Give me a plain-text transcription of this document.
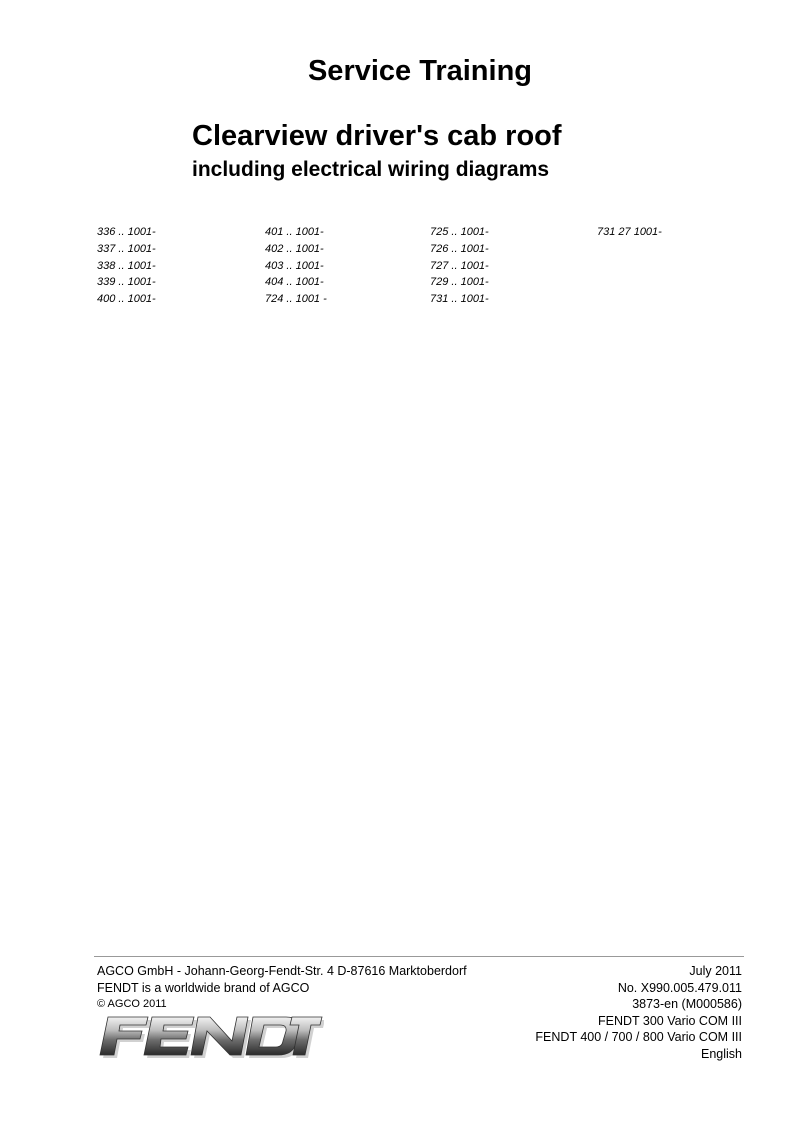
Service Training
Clearview driver's cab roof
including electrical wiring diagrams
336 .. 1001-
337 .. 1001-
338 .. 1001-
339 .. 1001-
400 .. 1001-
401 .. 1001-
402 .. 1001-
403 .. 1001-
404 .. 1001-
724 .. 1001 -
725 .. 1001-
726 .. 1001-
727 .. 1001-
729 .. 1001-
731 .. 1001-
731 27 1001-
AGCO GmbH - Johann-Georg-Fendt-Str. 4 D-87616 Marktoberdorf
FENDT is a worldwide brand of AGCO
© AGCO 2011
July 2011
No. X990.005.479.011
3873-en (M000586)
FENDT 300 Vario COM III
FENDT 400 / 700 / 800 Vario COM III
English
